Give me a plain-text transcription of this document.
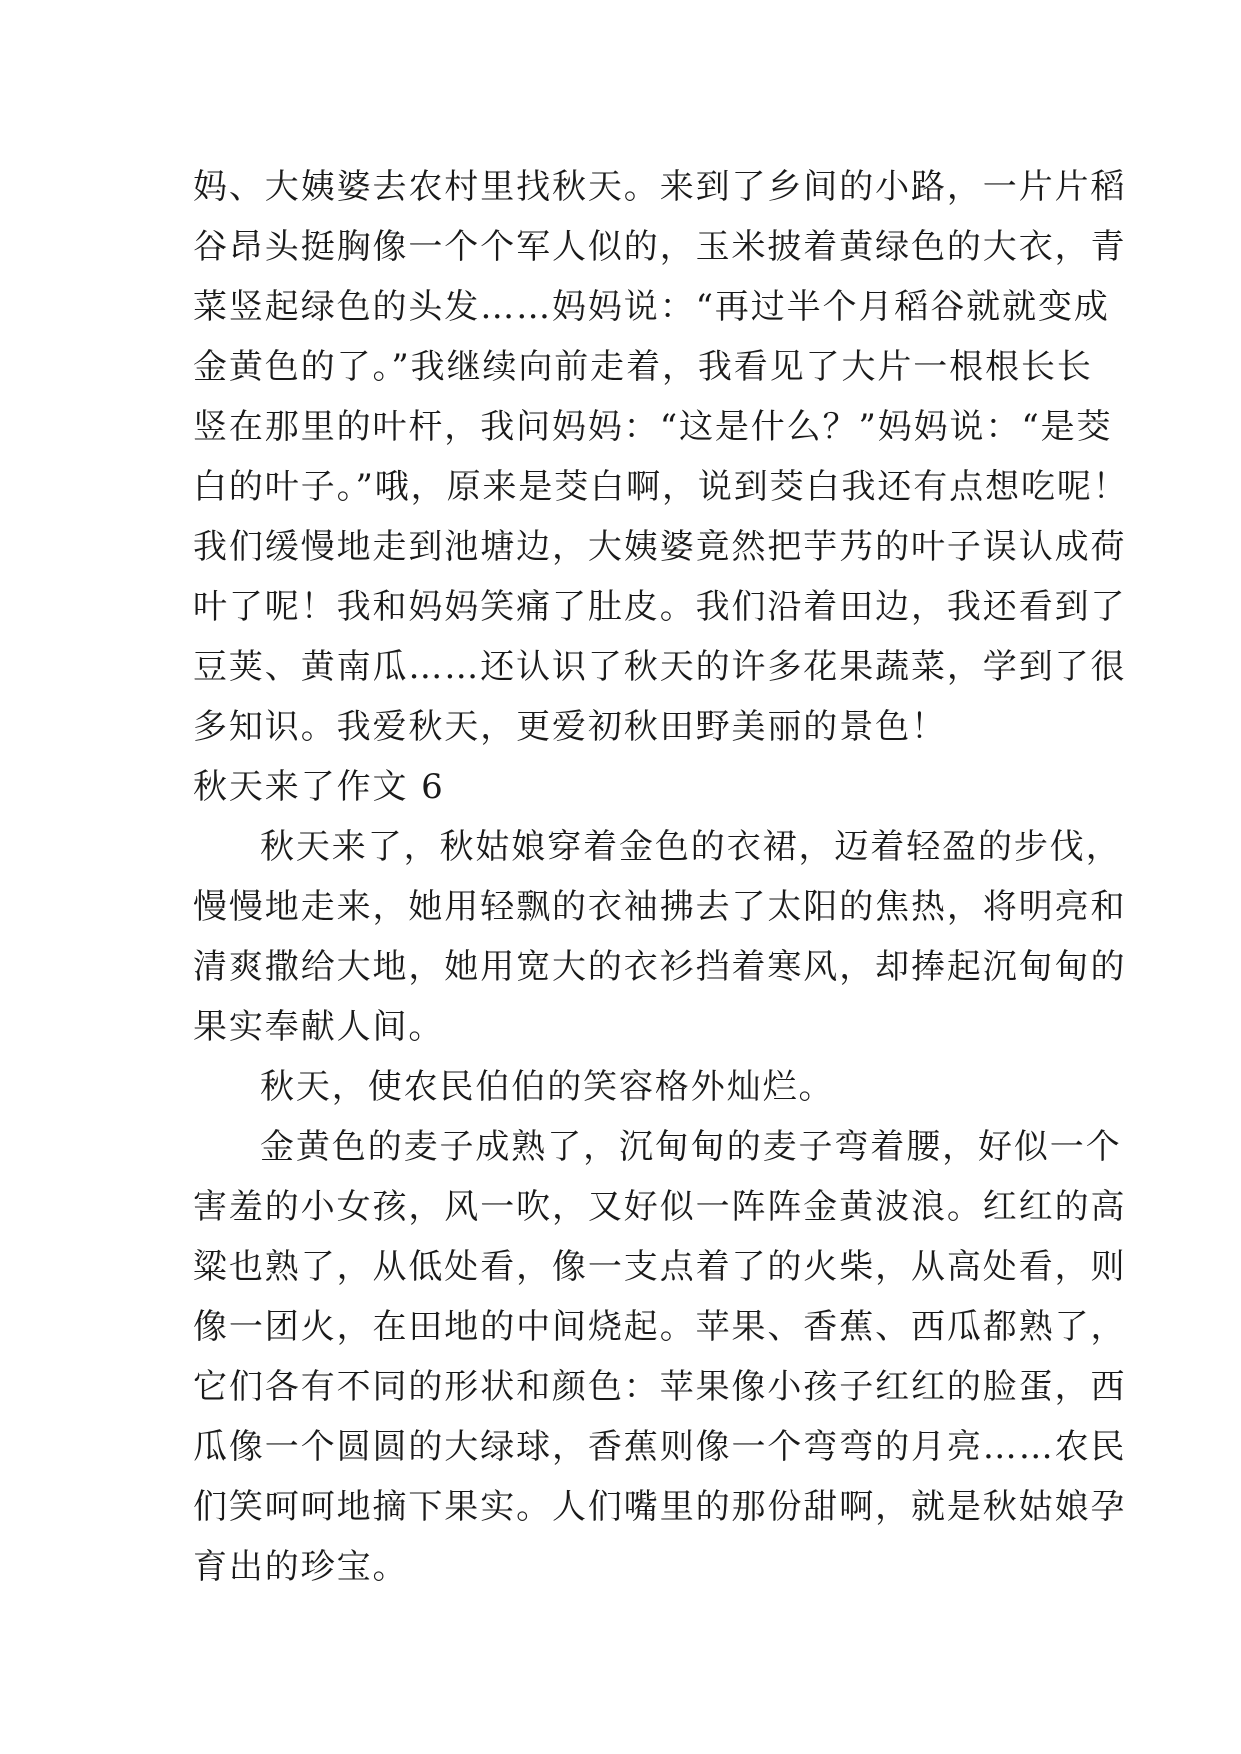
妈、大姨婆去农村里找秋天。来到了乡间的小路，一片片稻
谷昂头挺胸像一个个军人似的，玉米披着黄绿色的大衣，青
菜竖起绿色的头发……妈妈说：“再过半个月稻谷就就变成
金黄色的了。”我继续向前走着，我看见了大片一根根长长
竖在那里的叶杆，我问妈妈：“这是什么？”妈妈说：“是茭
白的叶子。”哦，原来是茭白啊，说到茭白我还有点想吃呢！
我们缓慢地走到池塘边，大姨婆竟然把芋艿的叶子误认成荷
叶了呢！我和妈妈笑痛了肚皮。我们沿着田边，我还看到了
豆荚、黄南瓜……还认识了秋天的许多花果蔬菜，学到了很
多知识。我爱秋天，更爱初秋田野美丽的景色！
秋天来了作文 6
秋天来了，秋姑娘穿着金色的衣裙，迈着轻盈的步伐，
慢慢地走来，她用轻飘的衣袖拂去了太阳的焦热，将明亮和
清爽撒给大地，她用宽大的衣衫挡着寒风，却捧起沉甸甸的
果实奉献人间。
秋天，使农民伯伯的笑容格外灿烂。
金黄色的麦子成熟了，沉甸甸的麦子弯着腰，好似一个
害羞的小女孩，风一吹，又好似一阵阵金黄波浪。红红的高
粱也熟了，从低处看，像一支点着了的火柴，从高处看，则
像一团火，在田地的中间烧起。苹果、香蕉、西瓜都熟了，
它们各有不同的形状和颜色：苹果像小孩子红红的脸蛋，西
瓜像一个圆圆的大绿球，香蕉则像一个弯弯的月亮……农民
们笑呵呵地摘下果实。人们嘴里的那份甜啊，就是秋姑娘孕
育出的珍宝。
